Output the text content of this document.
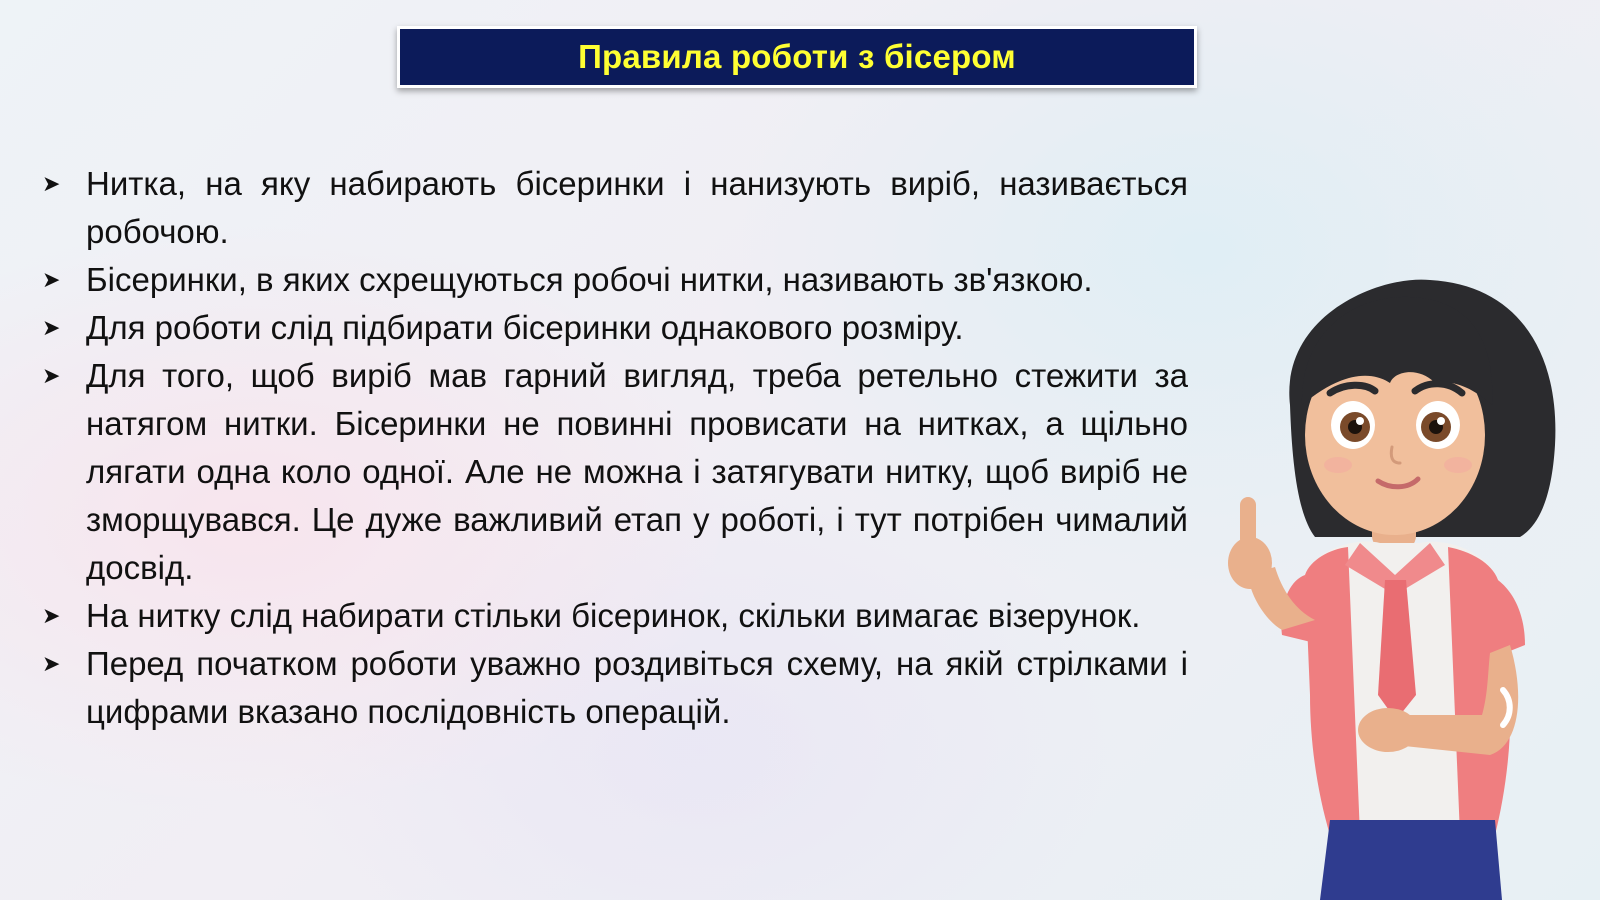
Правила роботи з бісером
➤ Нитка, на яку набирають бісеринки і нанизують виріб, називається робочою.
➤ Бісеринки, в яких схрещуються робочі нитки, називають зв'язкою.
➤ Для роботи слід підбирати бісеринки однакового розміру.
➤ Для того, щоб виріб мав гарний вигляд, треба ретельно стежити за натягом нитки. Бісеринки не повинні провисати на нитках, а щільно лягати одна коло одної. Але не можна і затягувати нитку, щоб виріб не зморщувався. Це дуже важливий етап у роботі, і тут потрібен чималий досвід.
➤ На нитку слід набирати стільки бісеринок, скільки вимагає візерунок.
➤ Перед початком роботи уважно роздивіться схему, на якій стрілками і цифрами вказано послідовність операцій.
